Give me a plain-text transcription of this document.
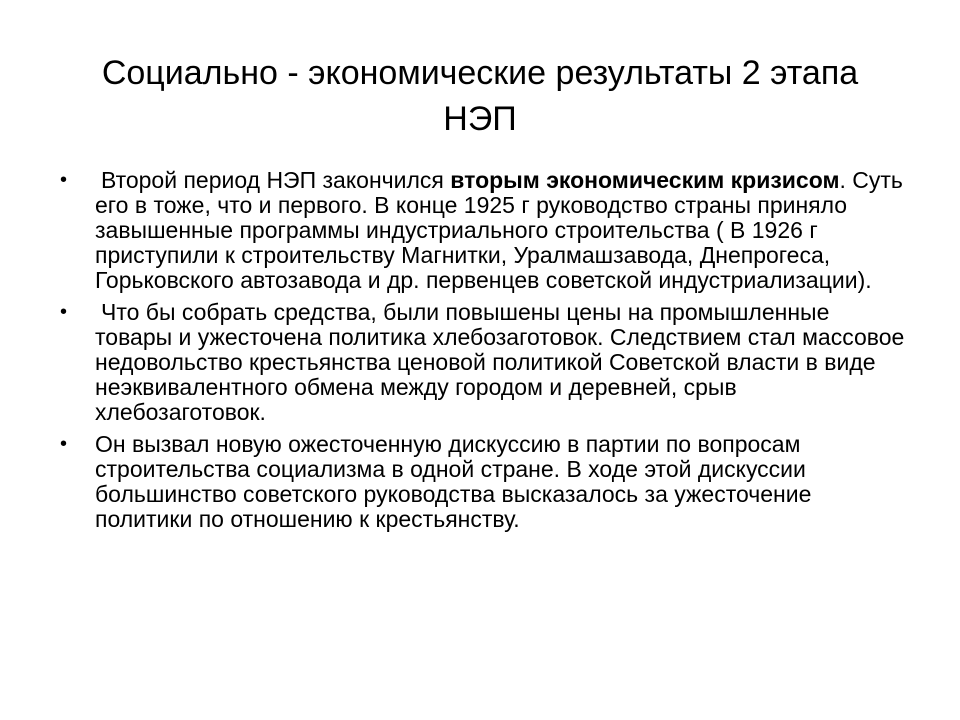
Социально - экономические результаты 2 этапа
НЭП
• Второй период НЭП закончился вторым экономическим кризисом. Суть его в тоже, что и первого. В конце 1925 г руководство страны приняло завышенные программы индустриального строительства ( В 1926 г приступили к строительству Магнитки, Уралмашзавода, Днепрогеса, Горьковского автозавода и др. первенцев советской индустриализации).
• Что бы собрать средства, были повышены цены на промышленные товары и ужесточена политика хлебозаготовок. Следствием стал массовое недовольство крестьянства ценовой политикой Советской власти в виде неэквивалентного обмена между городом и деревней, срыв хлебозаготовок.
• Он вызвал новую ожесточенную дискуссию в партии по вопросам строительства социализма в одной стране. В ходе этой дискуссии большинство советского руководства высказалось за ужесточение политики по отношению к крестьянству.
